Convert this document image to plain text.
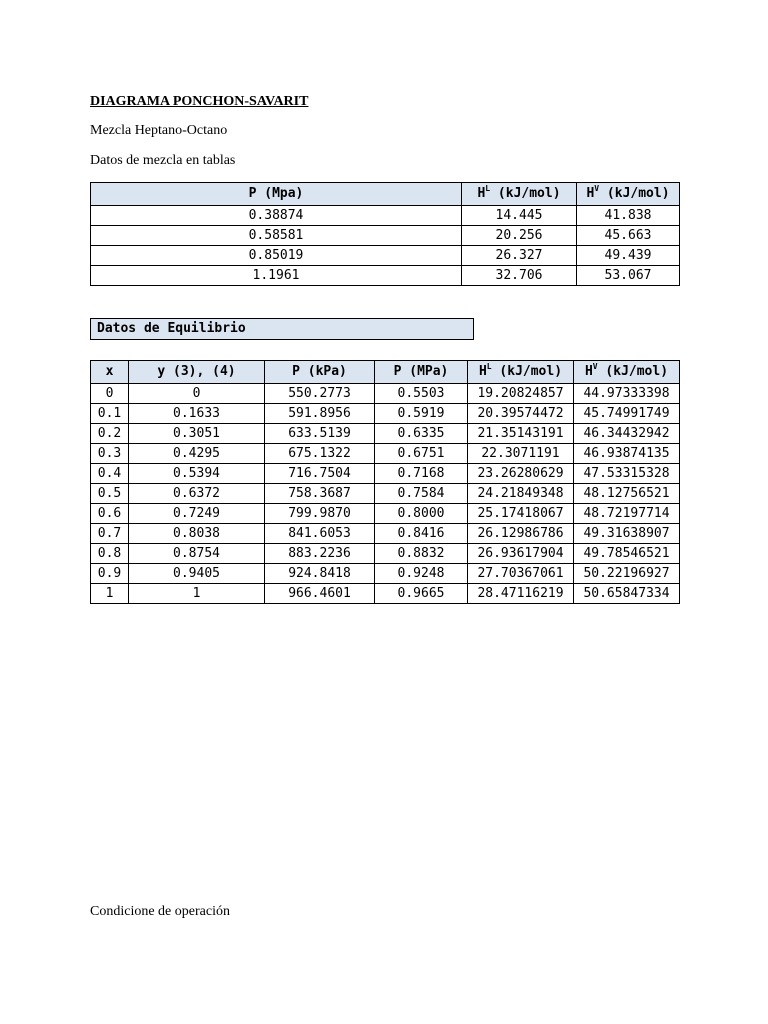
DIAGRAMA PONCHON-SAVARIT
Mezcla Heptano-Octano
Datos de mezcla en tablas
P (Mpa)	$H^L$ (kJ/mol)	$H^V$ (kJ/mol)
0.38874	14.445	41.838
0.58581	20.256	45.663
0.85019	26.327	49.439
1.1961	32.706	53.067
Datos de Equilibrio
x	y (3), (4)	P (kPa)	P (MPa)	$H^L$ (kJ/mol)	$H^V$ (kJ/mol)
0	0	550.2773	0.5503	19.20824857	44.97333398
0.1	0.1633	591.8956	0.5919	20.39574472	45.74991749
0.2	0.3051	633.5139	0.6335	21.35143191	46.34432942
0.3	0.4295	675.1322	0.6751	22.3071191	46.93874135
0.4	0.5394	716.7504	0.7168	23.26280629	47.53315328
0.5	0.6372	758.3687	0.7584	24.21849348	48.12756521
0.6	0.7249	799.9870	0.8000	25.17418067	48.72197714
0.7	0.8038	841.6053	0.8416	26.12986786	49.31638907
0.8	0.8754	883.2236	0.8832	26.93617904	49.78546521
0.9	0.9405	924.8418	0.9248	27.70367061	50.22196927
1	1	966.4601	0.9665	28.47116219	50.65847334
Condicione de operación
